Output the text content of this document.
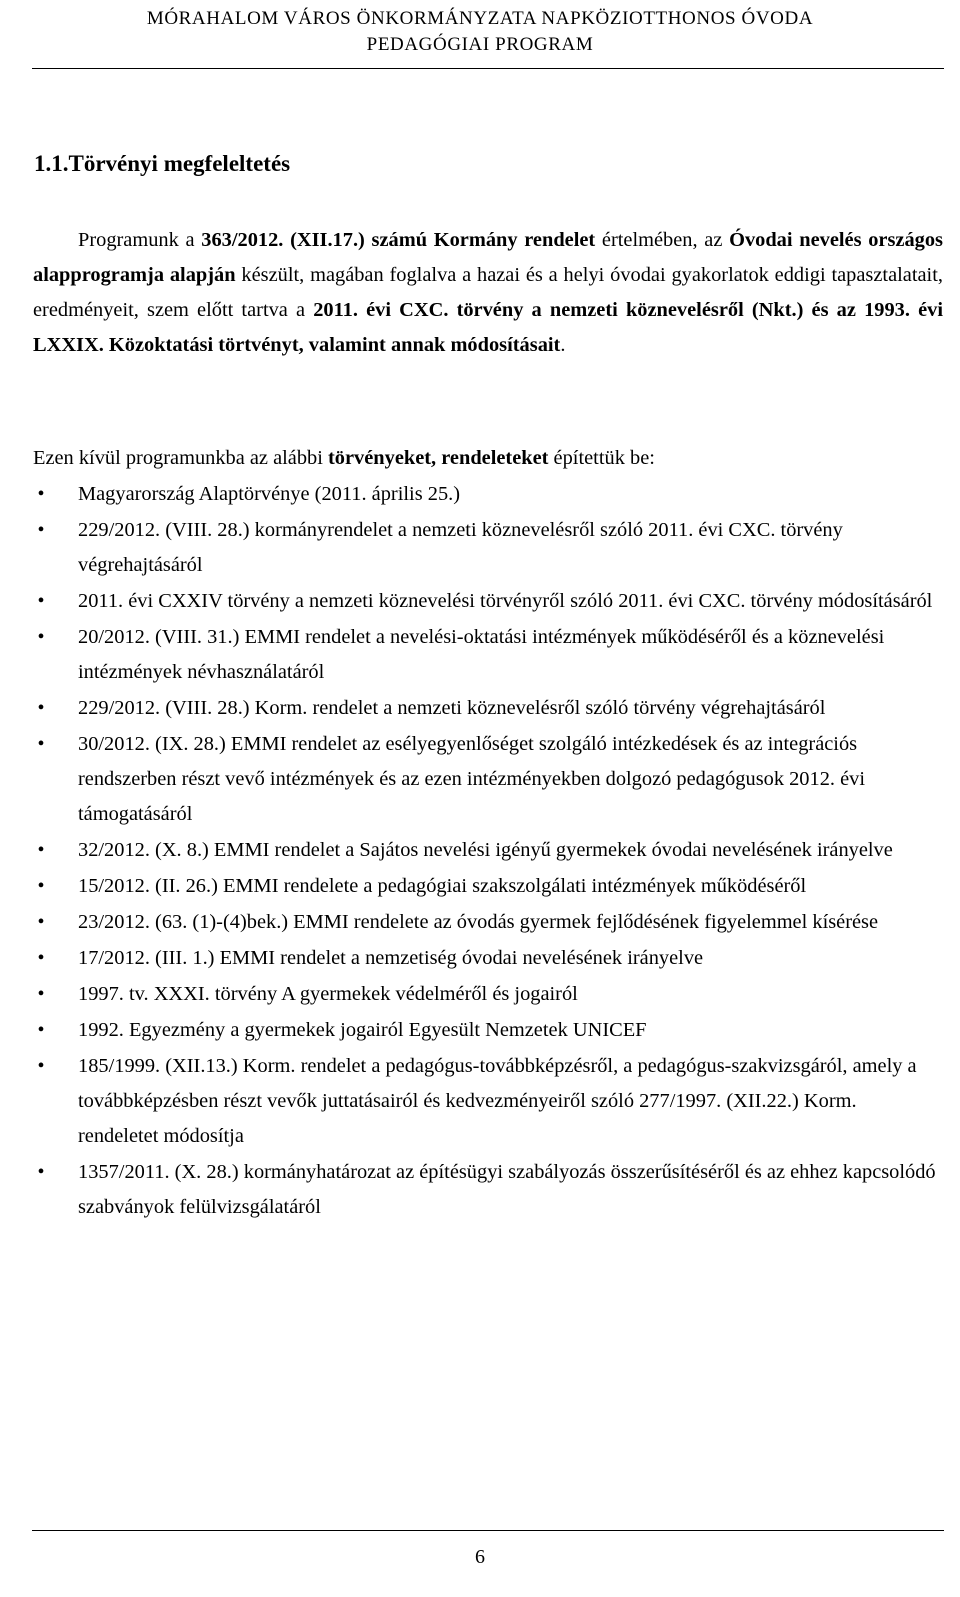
MÓRAHALOM VÁROS ÖNKORMÁNYZATA NAPKÖZIOTTHONOS ÓVODA
PEDAGÓGIAI PROGRAM
1.1.Törvényi megfeleltetés

Programunk a 363/2012. (XII.17.) számú Kormány rendelet értelmében, az Óvodai nevelés országos alapprogramja alapján készült, magában foglalva a hazai és a helyi óvodai gyakorlatok eddigi tapasztalatait, eredményeit, szem előtt tartva a 2011. évi CXC. törvény a nemzeti köznevelésről (Nkt.) és az 1993. évi LXXIX. Közoktatási törtvényt, valamint annak módosításait.

Ezen kívül programunkba az alábbi törvényeket, rendeleteket építettük be:

• Magyarország Alaptörvénye (2011. április 25.)
• 229/2012. (VIII. 28.) kormányrendelet a nemzeti köznevelésről szóló 2011. évi CXC. törvény végrehajtásáról
• 2011. évi CXXIV törvény a nemzeti köznevelési törvényről szóló 2011. évi CXC. törvény módosításáról
• 20/2012. (VIII. 31.) EMMI rendelet a nevelési-oktatási intézmények működéséről és a köznevelési intézmények névhasználatáról
• 229/2012. (VIII. 28.) Korm. rendelet a nemzeti köznevelésről szóló törvény végrehajtásáról
• 30/2012. (IX. 28.) EMMI rendelet az esélyegyenlőséget szolgáló intézkedések és az integrációs rendszerben részt vevő intézmények és az ezen intézményekben dolgozó pedagógusok 2012. évi támogatásáról
• 32/2012. (X. 8.) EMMI rendelet a Sajátos nevelési igényű gyermekek óvodai nevelésének irányelve
• 15/2012. (II. 26.) EMMI rendelete a pedagógiai szakszolgálati intézmények működéséről
• 23/2012. (63. (1)-(4)bek.) EMMI rendelete az óvodás gyermek fejlődésének figyelemmel kísérése
• 17/2012. (III. 1.) EMMI rendelet a nemzetiség óvodai nevelésének irányelve
• 1997. tv. XXXI. törvény A gyermekek védelméről és jogairól
• 1992. Egyezmény a gyermekek jogairól Egyesült Nemzetek UNICEF
• 185/1999. (XII.13.) Korm. rendelet a pedagógus-továbbképzésről, a pedagógus-szakvizsgáról, amely a továbbképzésben részt vevők juttatásairól és kedvezményeiről szóló 277/1997. (XII.22.) Korm. rendeletet módosítja
• 1357/2011. (X. 28.) kormányhatározat az építésügyi szabályozás összerűsítéséről és az ehhez kapcsolódó szabványok felülvizsgálatáról
6
